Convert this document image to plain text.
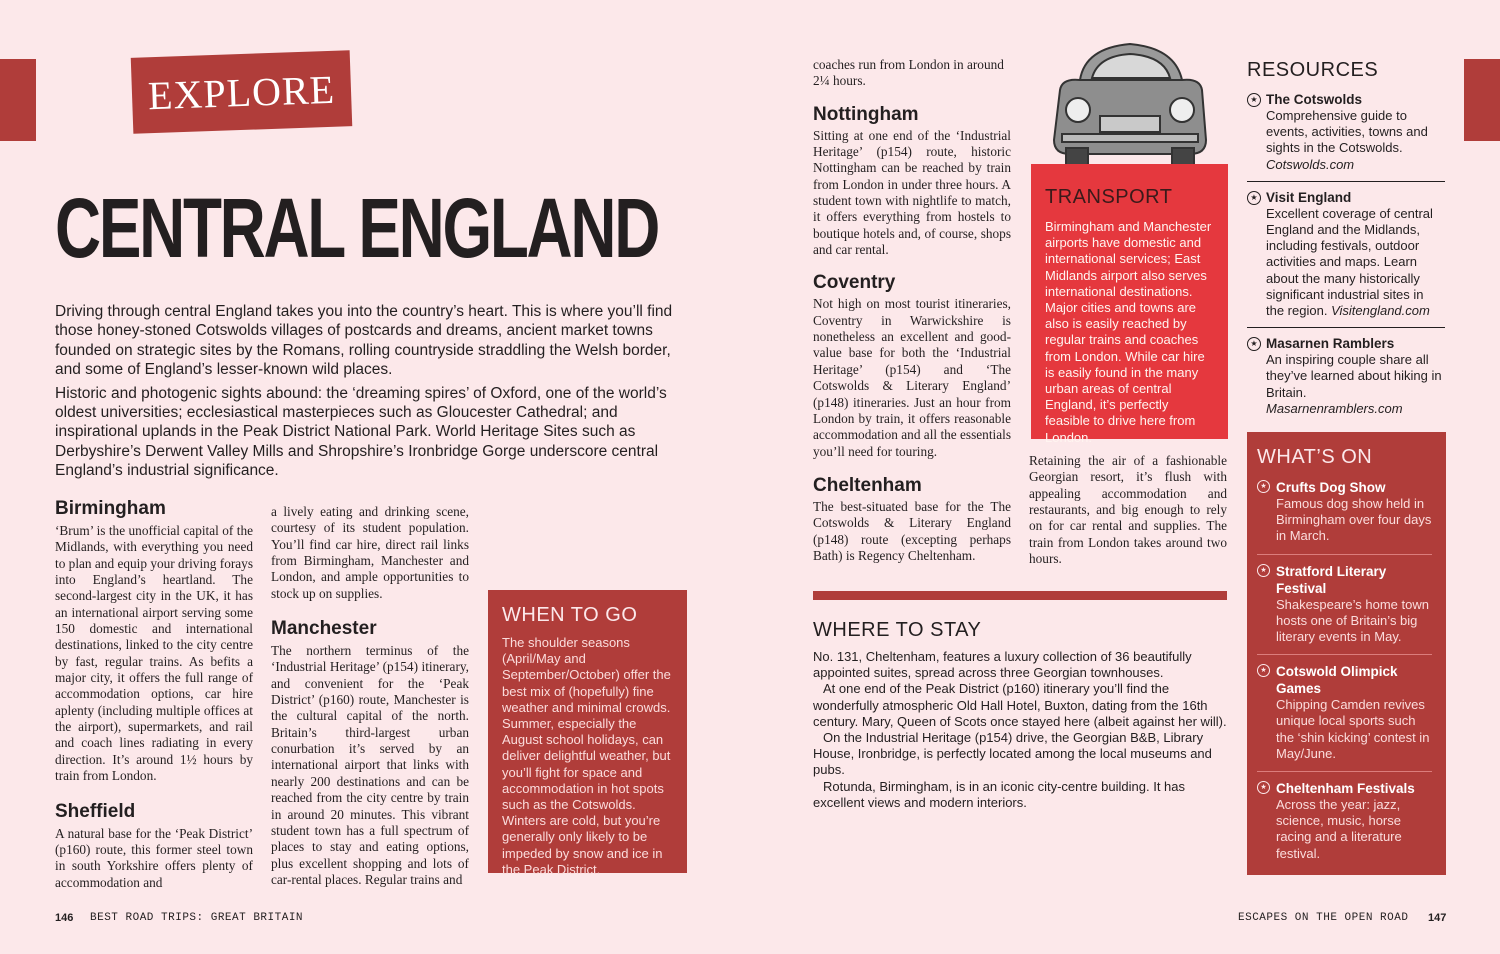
EXPLORE
CENTRAL ENGLAND

Driving through central England takes you into the country’s heart. This is where you’ll find those honey-stoned Cotswolds villages of postcards and dreams, ancient market towns founded on strategic sites by the Romans, rolling countryside straddling the Welsh border, and some of England’s lesser-known wild places.

Historic and photogenic sights abound: the ‘dreaming spires’ of Oxford, one of the world’s oldest universities; ecclesiastical masterpieces such as Gloucester Cathedral; and inspirational uplands in the Peak District National Park. World Heritage Sites such as Derbyshire’s Derwent Valley Mills and Shropshire’s Ironbridge Gorge underscore central England’s industrial significance.

Birmingham
‘Brum’ is the unofficial capital of the Midlands, with everything you need to plan and equip your driving forays into England’s heartland. The second-largest city in the UK, it has an international airport serving some 150 domestic and international destinations, linked to the city centre by fast, regular trains. As befits a major city, it offers the full range of accommodation options, car hire aplenty (including multiple offices at the airport), supermarkets, and rail and coach lines radiating in every direction. It’s around 1½ hours by train from London.
Sheffield
A natural base for the ‘Peak District’ (p160) route, this former steel town in south Yorkshire offers plenty of accommodation and
a lively eating and drinking scene, courtesy of its student population. You’ll find car hire, direct rail links from Birmingham, Manchester and London, and ample opportunities to stock up on supplies.
Manchester
The northern terminus of the ‘Industrial Heritage’ (p154) itinerary, and convenient for the ‘Peak District’ (p160) route, Manchester is the cultural capital of the north. Britain’s third-largest urban conurbation it’s served by an international airport that links with nearly 200 destinations and can be reached from the city centre by train in around 20 minutes. This vibrant student town has a full spectrum of places to stay and eating options, plus excellent shopping and lots of car-rental places. Regular trains and
WHEN TO GO
The shoulder seasons (April/May and September/October) offer the best mix of (hopefully) fine weather and minimal crowds. Summer, especially the August school holidays, can deliver delightful weather, but you’ll fight for space and accommodation in hot spots such as the Cotswolds. Winters are cold, but you’re generally only likely to be impeded by snow and ice in the Peak District.
coaches run from London in around 2¼ hours.
Nottingham
Sitting at one end of the ‘Industrial Heritage’ (p154) route, historic Nottingham can be reached by train from London in under three hours. A student town with nightlife to match, it offers everything from hostels to boutique hotels and, of course, shops and car rental.
Coventry
Not high on most tourist itineraries, Coventry in Warwickshire is nonetheless an excellent and good-value base for both the ‘Industrial Heritage’ (p154) and ‘The Cotswolds & Literary England’ (p148) itineraries. Just an hour from London by train, it offers reasonable accommodation and all the essentials you’ll need for touring.
Cheltenham
The best-situated base for the The Cotswolds & Literary England (p148) route (excepting perhaps Bath) is Regency Cheltenham.
TRANSPORT
Birmingham and Manchester airports have domestic and international services; East Midlands airport also serves international destinations. Major cities and towns are also is easily reached by regular trains and coaches from London. While car hire is easily found in the many urban areas of central England, it’s perfectly feasible to drive here from London.
Retaining the air of a fashionable Georgian resort, it’s flush with appealing accommodation and restaurants, and big enough to rely on for car rental and supplies. The train from London takes around two hours.
WHERE TO STAY

No. 131, Cheltenham, features a luxury collection of 36 beautifully appointed suites, spread across three Georgian townhouses.

At one end of the Peak District (p160) itinerary you’ll find the wonderfully atmospheric Old Hall Hotel, Buxton, dating from the 16th century. Mary, Queen of Scots once stayed here (albeit against her will).

On the Industrial Heritage (p154) drive, the Georgian B&B, Library House, Ironbridge, is perfectly located among the local museums and pubs.

Rotunda, Birmingham, is in an iconic city-centre building. It has excellent views and modern interiors.

RESOURCES
★ The Cotswolds
Comprehensive guide to events, activities, towns and sights in the Cotswolds. Cotswolds.com
★ Visit England
Excellent coverage of central England and the Midlands, including festivals, outdoor activities and maps. Learn about the many historically significant industrial sites in the region. Visitengland.com
★ Masarnen Ramblers
An inspiring couple share all they’ve learned about hiking in Britain. Masarnenramblers.com
WHAT’S ON
★ Crufts Dog Show
Famous dog show held in Birmingham over four days in March.
★ Stratford Literary Festival
Shakespeare’s home town hosts one of Britain’s big literary events in May.
★ Cotswold Olimpick Games
Chipping Camden revives unique local sports such the ‘shin kicking’ contest in May/June.
★ Cheltenham Festivals
Across the year: jazz, science, music, horse racing and a literature festival.
146 BEST ROAD TRIPS: GREAT BRITAIN	ESCAPES ON THE OPEN ROAD 147
